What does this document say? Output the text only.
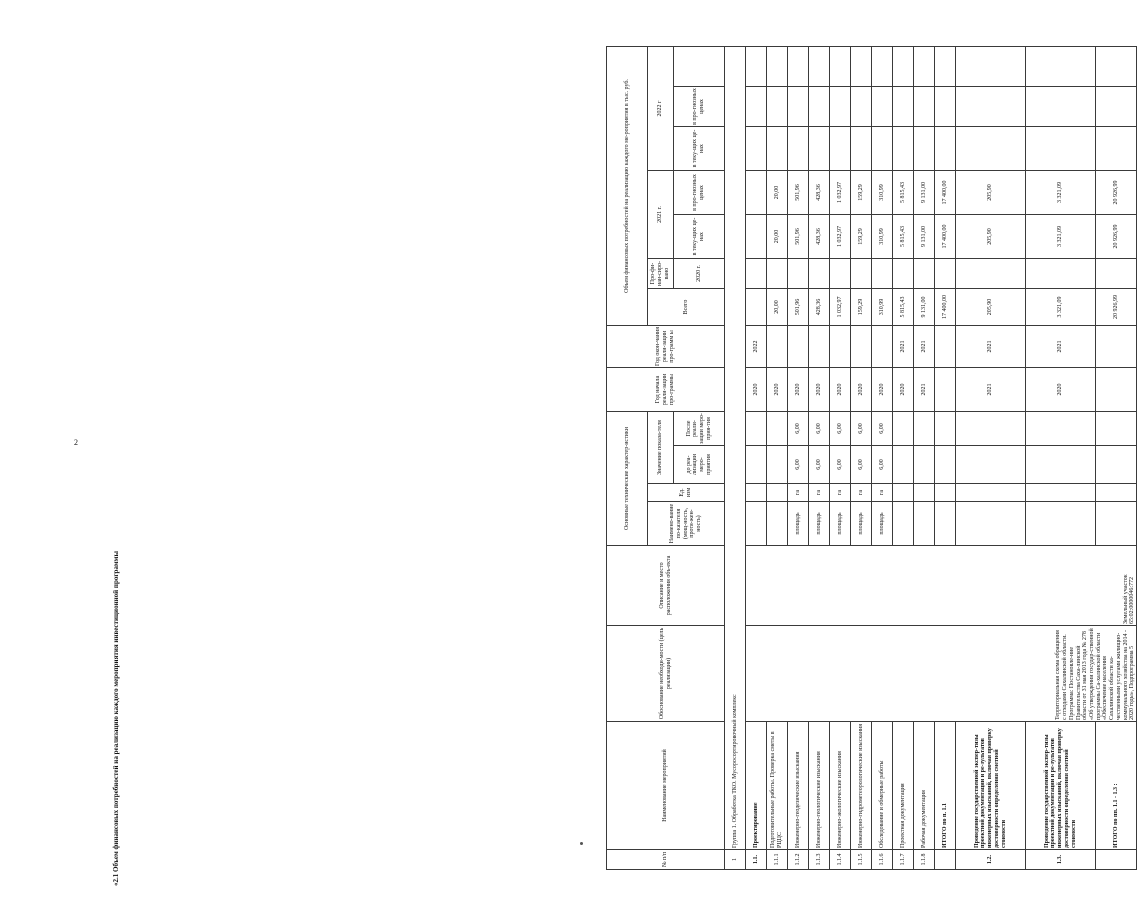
2
«2.1 Объем финансовых потребностей на реализацию каждого мероприятия инвестиционной программы	№ п/п	Наименование мероприятий	Обоснование необходи-мости (цель реализации)	Описание и место расположения объ-екта	Основные технические характер-истики				Год начала реали-зации про-граммы	Год окон-чания реали-зации про-грамм ы	Объем финансовых потребностей на реализацию каждого ме-роприятия в тыс. руб.						
				Наимено-вание по-казателя (мощ-ность, протя-жен-ность)	Ед. изм	Значение показа-теля				Всего	Про-фи-нан-сиро-вано	2021 г.		2022 г		
						до реа-лизации меро-приятия	После реали-зации меро-прия-тия				2020 г.	в теку-щих це-нах	в про-гнозных ценах	в теку-щих це-нах	в про-гнозных ценах	
1	Группа 1. Обработка ТКО. Мусоросортировочный комплекс															
1.1.	Проектирование	Территориальная схема обращения с отходами Сахалинской области. Программа: Постановле-ние Правительства Саха-линской области от 31 мая 2013 года № 278 «Об утверждении государ-ственной программы Са-халинской области «Обеспечение населения Сахалинской области ка-чественными услугами жилищно-коммунального хозяйства на 2014 - 2020 годы», Подпрограмма 5	Земельный участок 65:02:0000046:772					2020	2022							
1.1.1	Подготовительные работы. Проверка сметы в РЦЦС							2020		20,00		20,00	20,00			
1.1.2	Инженерно-геодезические изыскания			площадь	га	6,00	6,00	2020		501,96		501,96	501,96			
1.1.3	Инженерно-геологические изыскания			площадь	га	6,00	6,00	2020		428,36		428,36	428,36			
1.1.4	Инженерно-экологические изыскания			площадь	га	6,00	6,00	2020		1 032,97		1 032,97	1 032,97			
1.1.5	Инженерно-гидрометеорологические изыскания			площадь	га	6,00	6,00	2020		159,29		159,29	159,29			
1.1.6	Обследование и обмерные работы			площадь	га	6,00	6,00	2020		310,99		310,99	310,99			
1.1.7	Проектная документация							2020	2021	5 815,43		5 815,43	5 815,43			
1.1.8	Рабочая документация							2021	2021	9 131,00		9 131,00	9 131,00			
	ИТОГО по п. 1.1									17 400,00		17 400,00	17 400,00			
1.2.	Проведение государственной экспер-тизы проектной документации и ре-зультатов инженерных изысканий, включая проверку достоверности определения сметной стоимости							2021	2021	205,90		205,90	205,90			
1.3.	Проведение государственной экспер-тизы проектной документации и ре-зультатов инженерных изысканий, включая проверку достоверности определения сметной стоимости							2020	2021	3 321,09		3 321,09	3 321,09			
	ИТОГО по пп. 1.1 - 1.3 :									20 926,99		20 926,99	20 926,99			
